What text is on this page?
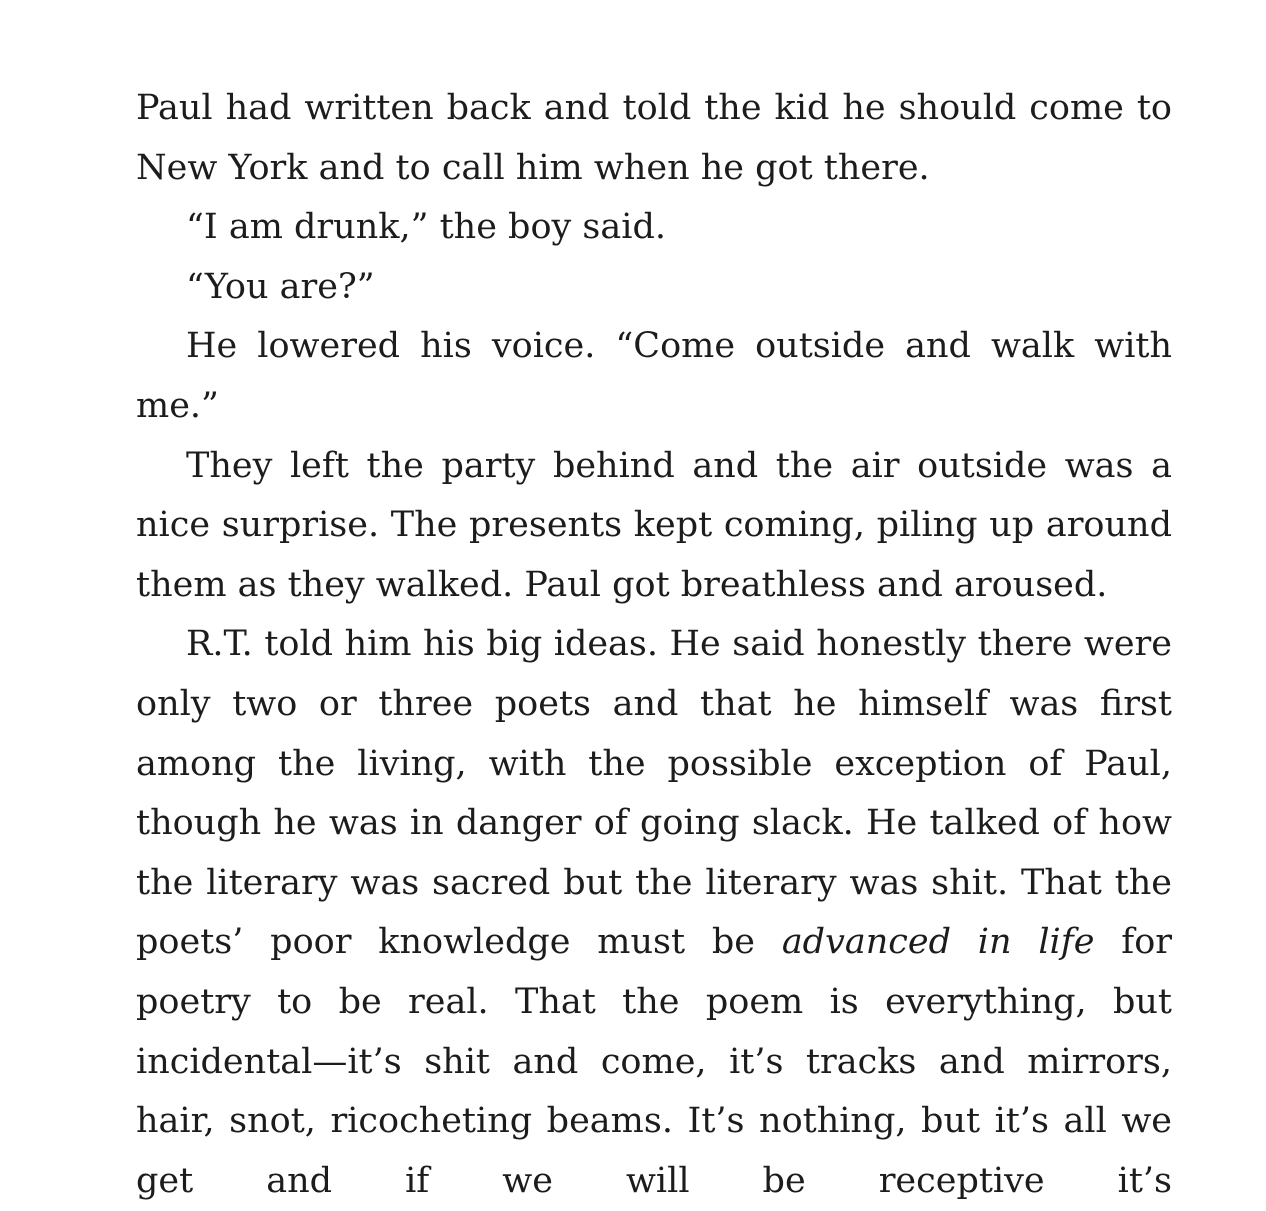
Paul had written back and told the kid he should come to New York and to call him when he got there.

“I am drunk,” the boy said.

“You are?”

He lowered his voice. “Come outside and walk with me.”

They left the party behind and the air outside was a nice surprise. The presents kept coming, piling up around them as they walked. Paul got breathless and aroused.

R.T. told him his big ideas. He said honestly there were only two or three poets and that he himself was first among the living, with the possible exception of Paul, though he was in danger of going slack. He talked of how the literary was sacred but the literary was shit. That the poets’ poor knowledge must be advanced in life for poetry to be real. That the poem is everything, but incidental—it’s shit and come, it’s tracks and mirrors, hair, snot, ricocheting beams. It’s nothing, but it’s all we get and if we will be receptive it’s
